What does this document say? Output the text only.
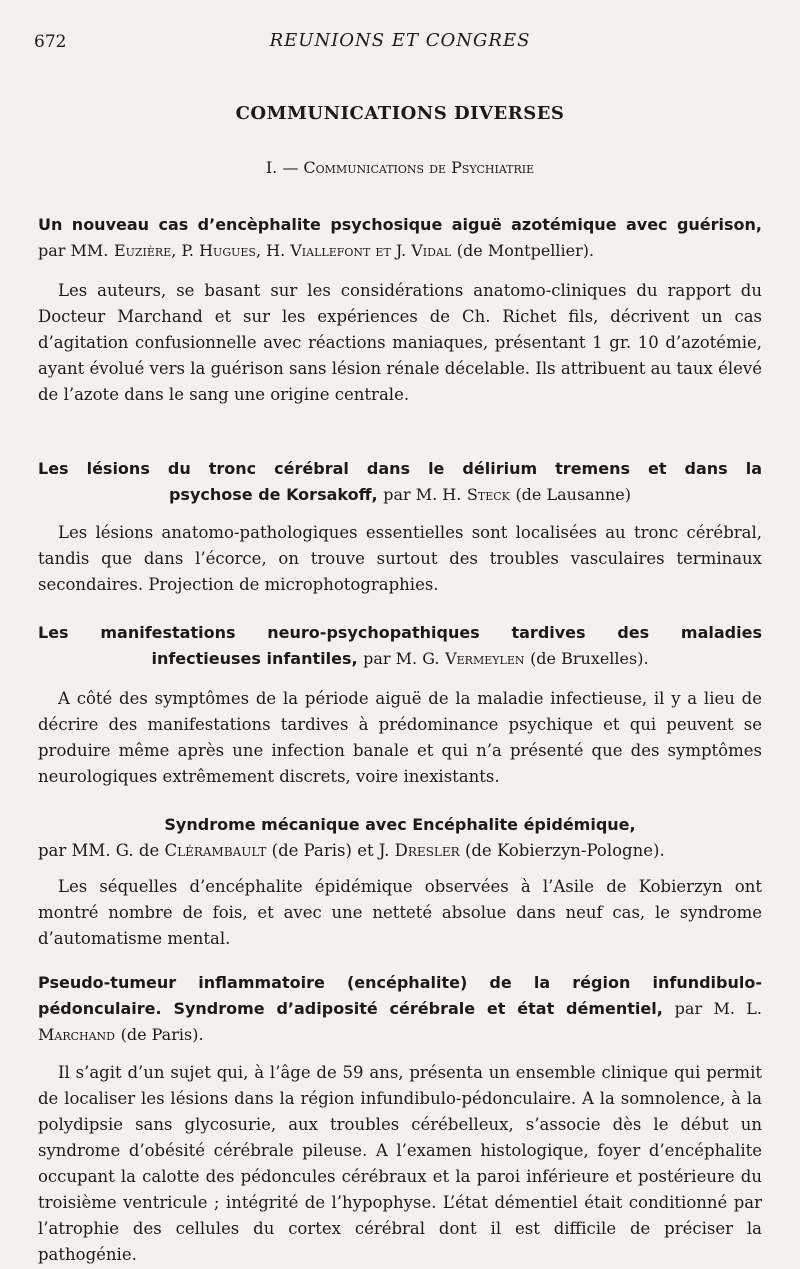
672	REUNIONS ET CONGRES
COMMUNICATIONS DIVERSES
I. — Communications de Psychiatrie
Un nouveau cas d’encèphalite psychosique aiguë azotémique avec guérison, par MM. Euzière, P. Hugues, H. Viallefont et J. Vidal (de Montpellier).

Les auteurs, se basant sur les considérations anatomo-cliniques du rapport du Docteur Marchand et sur les expériences de Ch. Richet fils, décrivent un cas d’agitation confusionnelle avec réactions maniaques, présentant 1 gr. 10 d’azotémie, ayant évolué vers la guérison sans lésion rénale décelable. Ils attribuent au taux élevé de l’azote dans le sang une origine centrale.

Les lésions du tronc cérébral dans le délirium tremens et dans la
psychose de Korsakoff, par M. H. Steck (de Lausanne)

Les lésions anatomo-pathologiques essentielles sont localisées au tronc cérébral, tandis que dans l’écorce, on trouve surtout des troubles vasculaires terminaux secondaires. Projection de microphotographies.

Les manifestations neuro-psychopathiques tardives des maladies
infectieuses infantiles, par M. G. Vermeylen (de Bruxelles).

A côté des symptômes de la période aiguë de la maladie infectieuse, il y a lieu de décrire des manifestations tardives à prédominance psychique et qui peuvent se produire même après une infection banale et qui n’a présenté que des symptômes neurologiques extrêmement discrets, voire inexistants.

Syndrome mécanique avec Encéphalite épidémique,
par MM. G. de Clérambault (de Paris) et J. Dresler (de Kobierzyn-Pologne).

Les séquelles d’encéphalite épidémique observées à l’Asile de Kobierzyn ont montré nombre de fois, et avec une netteté absolue dans neuf cas, le syndrome d’automatisme mental.

Pseudo-tumeur inflammatoire (encéphalite) de la région infundibulo-pédonculaire. Syndrome d’adiposité cérébrale et état démentiel, par M. L. Marchand (de Paris).

Il s’agit d’un sujet qui, à l’âge de 59 ans, présenta un ensemble clinique qui permit de localiser les lésions dans la région infundibulo-pédonculaire. A la somnolence, à la polydipsie sans glycosurie, aux troubles cérébelleux, s’associe dès le début un syndrome d’obésité cérébrale pileuse. A l’examen histologique, foyer d’encéphalite occupant la calotte des pédoncules cérébraux et la paroi inférieure et postérieure du troisième ventricule ; intégrité de l’hypophyse. L’état démentiel était conditionné par l’atrophie des cellules du cortex cérébral dont il est difficile de préciser la pathogénie.
